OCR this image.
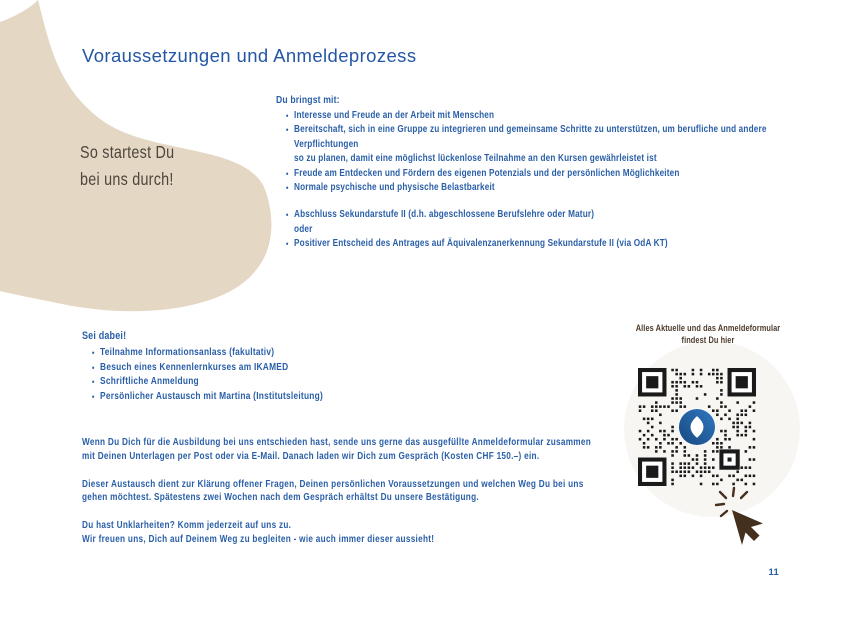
Voraussetzungen und Anmeldeprozess
So startest Du
bei uns durch!
Du bringst mit:
• Interesse und Freude an der Arbeit mit Menschen
• Bereitschaft, sich in eine Gruppe zu integrieren und gemeinsame Schritte zu unterstützen, um berufliche und andere Verpflichtungen
so zu planen, damit eine möglichst lückenlose Teilnahme an den Kursen gewährleistet ist
• Freude am Entdecken und Fördern des eigenen Potenzials und der persönlichen Möglichkeiten
• Normale psychische und physische Belastbarkeit
• Abschluss Sekundarstufe II (d.h. abgeschlossene Berufslehre oder Matur)
oder
• Positiver Entscheid des Antrages auf Äquivalenzanerkennung Sekundarstufe II (via OdA KT)
Sei dabei!
• Teilnahme Informationsanlass (fakultativ)
• Besuch eines Kennenlernkurses am IKAMED
• Schriftliche Anmeldung
• Persönlicher Austausch mit Martina (Institutsleitung)

Wenn Du Dich für die Ausbildung bei uns entschieden hast, sende uns gerne das ausgefüllte Anmeldeformular zusammen
mit Deinen Unterlagen per Post oder via E-Mail. Danach laden wir Dich zum Gespräch (Kosten CHF 150.–) ein.

Dieser Austausch dient zur Klärung offener Fragen, Deinen persönlichen Voraussetzungen und welchen Weg Du bei uns
gehen möchtest. Spätestens zwei Wochen nach dem Gespräch erhältst Du unsere Bestätigung.

Du hast Unklarheiten? Komm jederzeit auf uns zu.
Wir freuen uns, Dich auf Deinem Weg zu begleiten - wie auch immer dieser aussieht!

Alles Aktuelle und das Anmeldeformular
findest Du hier
11
